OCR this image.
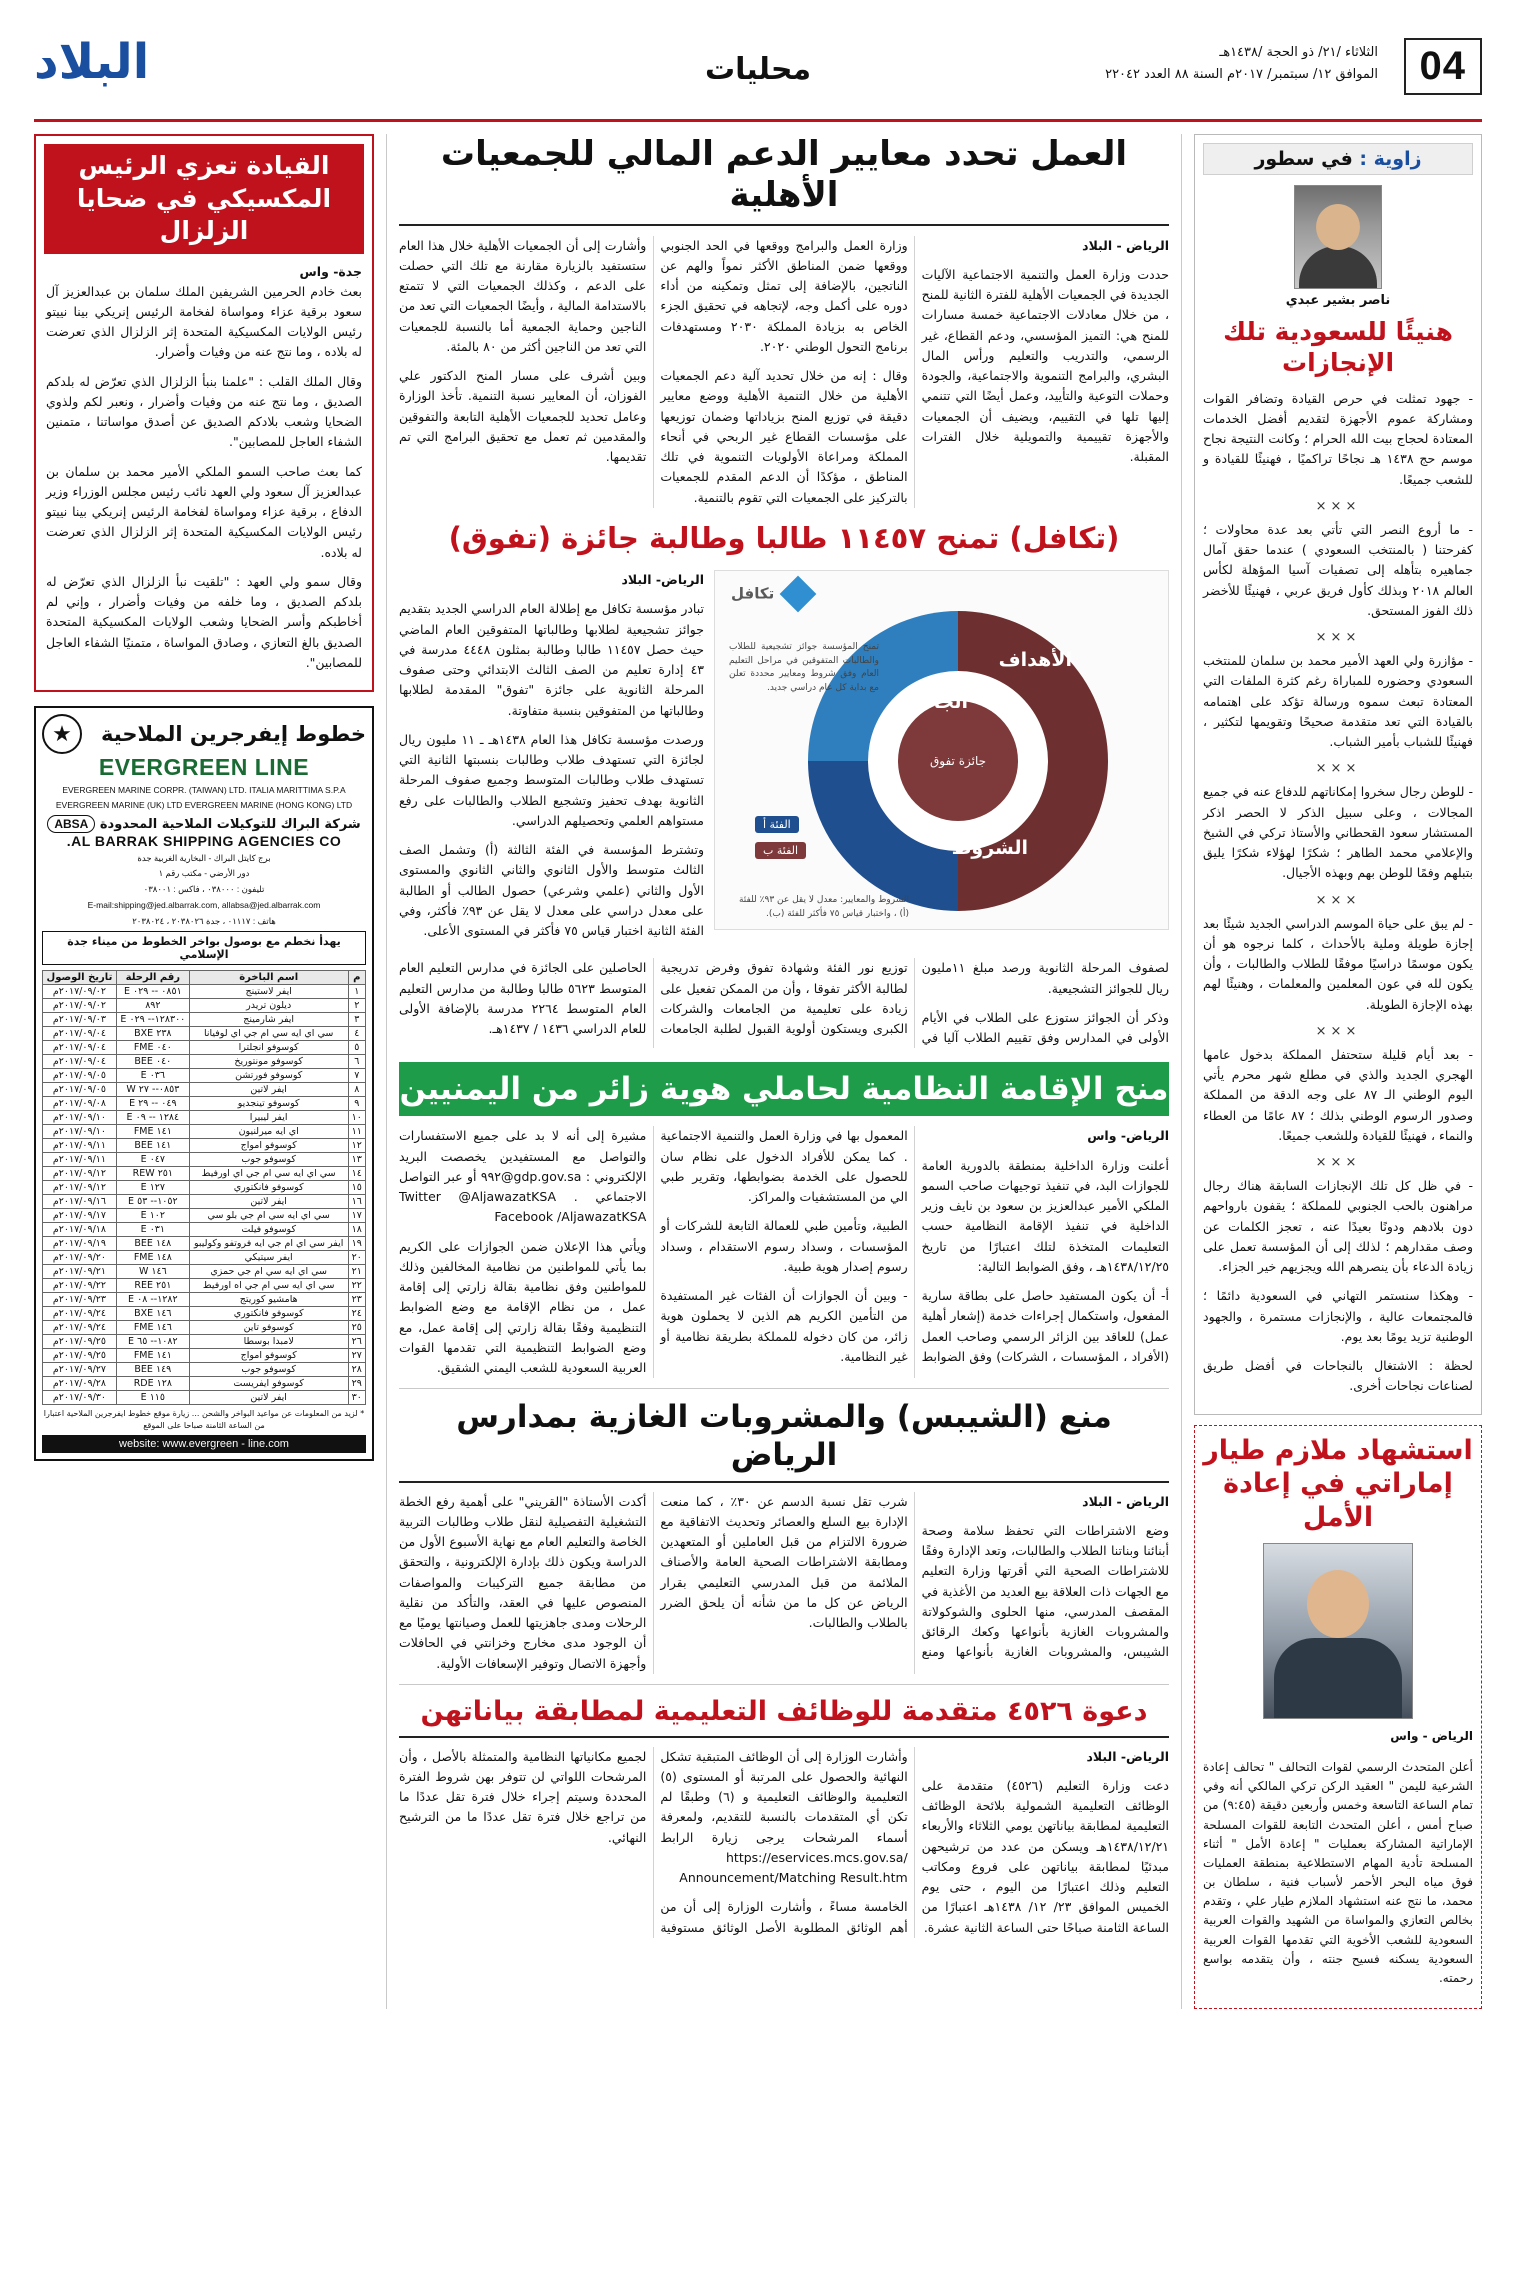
04
الثلاثاء /٢١/ ذو الحجة /١٤٣٨هـ
الموافق ١٢/ سبتمبر/ ٢٠١٧م السنة ٨٨ العدد ٢٢٠٤٢
محليات
البلاد
زاوية : في سطور
ناصر بشير عبدي
هنيئًا للسعودية تلك الإنجازات

- جهود تمثلت في حرص القيادة وتضافر القوات ومشاركة عموم الأجهزة لتقديم أفضل الخدمات المعتادة لحجاج بيت الله الحرام ؛ وكانت النتيجة نجاح موسم حج ١٤٣٨ هـ نجاحًا تراكميًا ، فهنيئًا للقيادة و للشعب جميعًا.

×××

- ما أروع النصر التي تأتي بعد عدة محاولات ؛ كفرحتنا ( بالمنتخب السعودي ) عندما حقق آمال جماهيره بتأهله إلى تصفيات آسيا المؤهلة لكأس العالم ٢٠١٨ وبذلك كأول فريق عربي ، فهنيئًا للأخضر ذلك الفوز المستحق.

×××

- مؤازرة ولي العهد الأمير محمد بن سلمان للمنتخب السعودي وحضوره للمباراة رغم كثرة الملفات التي المعتادة تبعث سموه ورسالة تؤكد على اهتمامه بالقيادة التي تعد متقدمة صحيحًا وتقويمها لتكثير ، فهنيئًا للشباب بأمير الشباب.

×××

- للوطن رجال سخروا إمكاناتهم للدفاع عنه في جميع المجالات ، وعلى سبيل الذكر لا الحصر اذكر المستشار سعود القحطاني والأستاذ تركي في الشيخ والإعلامي محمد الطاهر ؛ شكرًا لهؤلاء شكرًا يليق بتبلهم وفمًا للوطن بهم وبهذه الأجيال.

×××

- لم يبق على حياة الموسم الدراسي الجديد شيئًا بعد إجازة طويلة وملية بالأحداث ، كلما نرجوه هو أن يكون موسمًا دراسيًا موفقًا للطلاب والطالبات ، وأن يكون لله في عون المعلمين والمعلمات ، وهنيئًا لهم بهذه الإجازة الطويلة.

×××

- بعد أيام قليلة ستحتفل المملكة بدخول عامها الهجري الجديد والذي في مطلع شهر محرم يأتي اليوم الوطني الـ ٨٧ على وجه الدقة من المملكة وصدور الرسوم الوطني بذلك ؛ ٨٧ عامًا من العطاء والنماء ، فهنيئًا للقيادة وللشعب جميعًا.

×××

- في ظل كل تلك الإنجازات السابقة هناك رجال مراهنون بالحب الجنوبي للمملكة ؛ يقفون بارواحهم دون بلادهم ودونًا بعيدًا عنه ، تعجز الكلمات عن وصف مقدارهم ؛ لذلك إلى أن المؤسسة تعمل على زيادة الدعاء بأن ينصرهم الله ويجزيهم خير الجزاء.

- وهكذا سنستمر التهاني في السعودية دائمًا ؛ فالمجتمعات عالية ، والإنجازات مستمرة ، والجهود الوطنية تزيد يومًا بعد يوم.

لحظة : الاشتغال بالنجاحات في أفضل طريق لصناعات نجاحات أخرى.

استشهاد ملازم طيار
إماراتي في إعادة الأمل
الرياض - واس

أعلن المتحدث الرسمي لقوات التحالف " تحالف إعادة الشرعية لليمن " العقيد الركن تركي المالكي أنه وفي تمام الساعة التاسعة وخمس وأربعين دقيقة (٩:٤٥) من صباح أمس ، أعلن المتحدث التابعة للقوات المسلحة الإماراتية المشاركة بعمليات " إعادة الأمل " أثناء المسلحة تأدية المهام الاستطلاعية بمنطقة العمليات فوق مياه البحر الأحمر لأسباب فنية ، سلطان بن محمد، ما نتج عنه استشهاد الملازم طيار علي ، وتقدم بخالص التعازي والمواساة من الشهيد والقوات العربية السعودية للشعب الأخوية التي تقدمها القوات العربية السعودية يسكنه فسيح جنته ، وأن يتقدمه بواسع رحمته.

العمل تحدد معايير الدعم المالي للجمعيات الأهلية

الرياض - البلاد

حددت وزارة العمل والتنمية الاجتماعية الآليات الجديدة في الجمعيات الأهلية للفترة الثانية للمنح ، من خلال معادلات الاجتماعية خمسة مسارات للمنح هي: التميز المؤسسي، ودعم القطاع، غير الرسمي، والتدريب والتعليم ورأس المال البشري، والبرامج التنموية والاجتماعية، والجودة وحملات التوعية والتأييد، وعمل أيضًا التي تتنمي إليها تلها في التقييم، ويضيف أن الجمعيات والأجهزة تقييمية والتمويلية خلال الفترات المقبلة.

وزارة العمل والبرامج ووقعها في الحد الجنوبي ووقعها ضمن المناطق الأكثر نمواً والهم عن الناتجين، بالإضافة إلى تمثل وتمكينه من أداء دوره على أكمل وجه، لإتجاهه في تحقيق الجزء الخاص به بزيادة المملكة ٢٠٣٠ ومستهدفات برنامج التحول الوطني ٢٠٢٠.

وقال : إنه من خلال تحديد آلية دعم الجمعيات الأهلية من خلال التنمية الأهلية ووضع معايير دقيقة في توزيع المنح بزياداتها وضمان توزيعها على مؤسسات القطاع غير الربحي في أنحاء المملكة ومراعاة الأولويات التنموية في تلك المناطق ، مؤكدًا أن الدعم المقدم للجمعيات بالتركيز على الجمعيات التي تقوم بالتنمية.

وأشارت إلى أن الجمعيات الأهلية خلال هذا العام ستستفيد بالزيارة مقارنة مع تلك التي حصلت على الدعم ، وكذلك الجمعيات التي لا تتمتع بالاستدامة المالية ، وأيضًا الجمعيات التي تعد من الناجين وحماية الجمعية أما بالنسبة للجمعيات التي تعد من الناجين أكثر من ٨٠ بالمئة.

وبين أشرف على مسار المنح الدكتور علي الفوزان، أن المعايير نسبة التنمية. تأخذ الوزارة وعامل تحديد للجمعيات الأهلية التابعة والتفوقين والمقدمين ثم تعمل مع تحقيق البرامج التي تم تقديمها.

(تكافل) تمنح ١١٤٥٧ طالبا وطالبة جائزة (تفوق)
تكافل
جائزة تفوق
الأهداف
الجائزة
الشروط
الفئة أ
الفئة ب
تمنح المؤسسة جوائز تشجيعية للطلاب والطالبات المتفوقين في مراحل التعليم العام وفق شروط ومعايير محددة تعلن مع بداية كل عام دراسي جديد.
الشروط والمعايير: معدل لا يقل عن ٩٣٪ للفئة (أ) ، واختبار قياس ٧٥ فأكثر للفئة (ب).

الرياض- البلاد

تبادر مؤسسة تكافل مع إطلالة العام الدراسي الجديد بتقديم جوائز تشجيعية لطلابها وطالباتها المتفوقين العام الماضي حيث حصل ١١٤٥٧ طالبا وطالبة بمثلون ٤٤٤٨ مدرسة في ٤٣ إدارة تعليم من الصف الثالث الابتدائي وحتى صفوف المرحلة الثانوية على جائزة "تفوق" المقدمة لطلابها وطالباتها من المتفوقين بنسبة متفاوتة.

ورصدت مؤسسة تكافل هذا العام ١٤٣٨هـ ـ ١١ مليون ريال لجائزة التي تستهدف طلاب وطالبات بنسبتها الثانية التي تستهدف طلاب وطالبات المتوسط وجميع صفوف المرحلة الثانوية بهدف تحفيز وتشجيع الطلاب والطالبات على رفع مستواهم العلمي وتحصيلهم الدراسي.

وتشترط المؤسسة في الفئة الثالثة (أ) وتشمل الصف الثالث متوسط والأول الثانوي والثاني الثانوي والمستوى الأول والثاني (علمي وشرعي) حصول الطالب أو الطالبة على معدل دراسي على معدل لا يقل عن ٩٣٪ فأكثر، وفي الفئة الثانية اختبار قياس ٧٥ فأكثر في المستوى الأعلى.

لصفوف المرحلة الثانوية ورصد مبلغ ١١مليون ريال للجوائز التشجيعية.

وذكر أن الجوائز ستوزع على الطلاب في الأيام الأولى في المدارس وفق تقييم الطلاب آليا في توزيع نور الفئة وشهادة تفوق وفرض تدريجية لطالبة الأكثر تفوقا ، وأن من الممكن تفعيل على زيادة على تعليمية من الجامعات والشركات الكبرى ويستكون أولوية القبول لطلبة الجامعات الحاصلين على الجائزة في مدارس التعليم العام المتوسط ٥٦٢٣ طالبا وطالبة من مدارس التعليم العام المتوسط ٢٢٦٤ مدرسة بالإضافة الأولى للعام الدراسي ١٤٣٦ / ١٤٣٧هـ.

منح الإقامة النظامية لحاملي هوية زائر من اليمنيين

الرياض- واس

أعلنت وزارة الداخلية بمنطقة بالدورية العامة للجوازات البد، في تنفيذ توجيهات صاحب السمو الملكي الأمير عبدالعزيز بن سعود بن نايف وزير الداخلية في تنفيذ الإقامة النظامية حسب التعليمات المتخذة لتلك اعتبارًا من تاريخ ١٤٣٨/١٢/٢٥هـ ، وفق الضوابط التالية:

أ- أن يكون المستفيد حاصل على بطاقة سارية المفعول، واستكمال إجراءات خدمة (إشعار أهلية عمل) للعاقد بين الزائر الرسمي وصاحب العمل (الأفراد ، المؤسسات ، الشركات) وفق الضوابط المعمول بها في وزارة العمل والتنمية الاجتماعية . كما يمكن للأفراد الدخول على نظام سان للحصول على الخدمة بضوابطها، وتقرير طبي الي من المستشفيات والمراكز.

الطبية، وتأمين طبي للعمالة التابعة للشركات أو المؤسسات ، وسداد رسوم الاستقدام ، وسداد رسوم إصدار هوية طبية.

- وبين أن الجوازات أن الفئات غير المستفيدة من التأمين الكريم هم الذين لا يحملون هوية زائر، من كان دخوله للمملكة بطريقة نظامية أو غير النظامية.

مشيرة إلى أنه لا بد على جميع الاستفسارات والتواصل مع المستفيدين يخصصت البريد الإلكتروني : gdp.gov.sa@٩٩٢ أو عبر التواصل الاجتماعي Twitter @AljawazatKSA . Facebook /AljawazatKSA

ويأتي هذا الإعلان ضمن الجوازات على الكريم بما يأتي للمواطنين من نظامية المخالفين وذلك للمواطنين وفق نظامية بقالة زارتي إلى إقامة عمل ، من نظام الإقامة مع وضع الضوابط التنظيمية وفقًا بقالة زارتي إلى إقامة عمل، مع وضع الضوابط التنظيمية التي تقدمها القوات العربية السعودية للشعب اليمني الشقيق.

منع (الشيبس) والمشروبات الغازية بمدارس الرياض

الرياض - البلاد

وضع الاشتراطات التي تحفظ سلامة وصحة أبنائنا وبناتنا الطلاب والطالبات، وتعد الإدارة وفقًا للاشتراطات الصحية التي أقرتها وزارة التعليم مع الجهات ذات العلاقة بيع العديد من الأغذية في المقصف المدرسي، منها الحلوى والشوكولاتة والمشروبات الغازية بأنواعها وكعك الرقائق الشيبس، والمشروبات الغازية بأنواعها ومنع شرب تقل نسبة الدسم عن ٣٠٪ ، كما منعت الإدارة بيع السلع والعصائر وتحديث الاتفاقية مع ضرورة الالتزام من قبل العاملين أو المتعهدين ومطابقة الاشتراطات الصحية العامة والأصناف الملائمة من قبل المدرسي التعليمي بقرار الرياض عن كل ما من شأنه أن يلحق الضرر بالطلاب والطالبات.

أكدت الأستاذة "القريني" على أهمية رفع الخطة التشغيلية التفصيلية لنقل طلاب وطالبات التربية الخاصة والتعليم العام مع نهاية الأسبوع الأول من الدراسة ويكون ذلك بإدارة الإلكترونية ، والتحقق من مطابقة جميع التركيبات والمواصفات المنصوص عليها في العقد، والتأكد من نقلية الرحلات ومدى جاهزيتها للعمل وصيانتها يوميًا مع أن الوجود مدى مخارج وخزانتي في الحافلات وأجهزة الاتصال وتوفير الإسعافات الأولية.

دعوة ٤٥٢٦ متقدمة للوظائف التعليمية لمطابقة بياناتهن

الرياض- البلاد

دعت وزارة التعليم (٤٥٢٦) متقدمة على الوظائف التعليمية الشمولية بلائحة الوظائف التعليمية لمطابقة بياناتهن يومي الثلاثاء والأربعاء ١٤٣٨/١٢/٢١هـ ويسكن من عدد من ترشيحهن مبدئيًا لمطابقة بياناتهن على فروع ومكاتب التعليم وذلك اعتبارًا من اليوم ، حتى يوم الخميس الموافق ٢٣/ ١٢/ ١٤٣٨هـ اعتبارًا من الساعة الثامنة صباحًا حتى الساعة الثانية عشرة.

وأشارت الوزارة إلى أن الوظائف المتبقية تشكل النهائية والحصول على المرتبة أو المستوى (٥) التعليمية والوظائف التعليمية و (٦) وطبقًا لم تكن أي المتقدمات بالنسبة للتقديم، ولمعرفة أسماء المرشحات يرجى زيارة الرابط https://eservices.mcs.gov.sa/ Announcement/Matching Result.htm

الخامسة مساءً ، وأشارت الوزارة إلى أن من أهم الوثائق المطلوبة الأصل الوثائق مستوفية لجميع مكانياتها النظامية والمتمثلة بالأصل ، وأن المرشحات اللواتي لن تتوفر بهن شروط الفترة المحددة وسيتم إجراء خلال فترة تقل عددًا ما من تراجع خلال فترة تقل عددًا ما من الترشيح النهائي.

القيادة تعزي الرئيس المكسيكي في ضحايا الزلزال
جدة- واس

بعث خادم الحرمين الشريفين الملك سلمان بن عبدالعزيز آل سعود برقية عزاء ومواساة لفخامة الرئيس إنريكي بينا نييتو رئيس الولايات المكسيكية المتحدة إثر الزلزال الذي تعرضت له بلاده ، وما نتج عنه من وفيات وأضرار.

وقال الملك القلب : "علمنا بنبأ الزلزال الذي تعرّض له بلدكم الصديق ، وما نتج عنه من وفيات وأضرار ، ونعبر لكم ولذوي الضحايا وشعب بلادكم الصديق عن أصدق مواساتنا ، متمنين الشفاء العاجل للمصابين".

كما بعث صاحب السمو الملكي الأمير محمد بن سلمان بن عبدالعزيز آل سعود ولي العهد نائب رئيس مجلس الوزراء وزير الدفاع ، برقية عزاء ومواساة لفخامة الرئيس إنريكي بينا نييتو رئيس الولايات المكسيكية المتحدة إثر الزلزال الذي تعرضت له بلاده.

وقال سمو ولي العهد : "تلقيت نبأ الزلزال الذي تعرّض له بلدكم الصديق ، وما خلفه من وفيات وأضرار ، وإني لم أخاطبكم وأسر الضحايا وشعب الولايات المكسيكية المتحدة الصديق بالغ التعازي ، وصادق المواساة ، متمنيًا الشفاء العاجل للمصابين".

خطوط إيفرجرين الملاحية
★
EVERGREEN LINE
EVERGREEN MARINE CORPR. (TAIWAN) LTD. ITALIA MARITTIMA S.P.A
EVERGREEN MARINE (UK) LTD EVERGREEN MARINE (HONG KONG) LTD
شركة البراك للتوكيلات الملاحية المحدودة ABSA
AL BARRAK SHIPPING AGENCIES CO.
برج كايتل البراك - البخارية الغربية جدة
دور الأرضي - مكتب رقم ١
تليفون : ٠٣٨٠٠٠ ، فاكس : ٠٣٨٠٠١
E-mail:shipping@jed.albarrak.com, allabsa@jed.albarrak.com
هاتف : ٠١١١٧ ، جدة ٢٠٣٨٠٢٦ ، ٢٠٣٨٠٢٤
يهدأ نخطم مع بوصول بواخر الخطوط من ميناء جدة الإسلامي
م	اسم الباخرة	رقم الرحلة	تاريخ الوصول
١	ايفر لاستينج	٠٨٥١ -- ٠٢٩ E	٢٠١٧/٠٩/٠٢م
٢	ديلون تريدر	٨٩٢	٢٠١٧/٠٩/٠٢م
٣	ايفر شارمينج	١٢٨٣٠٠-- ٠٢٩ E	٢٠١٧/٠٩/٠٣م
٤	سي اي ايه سي ام جي اي لوفيانا	٢٣٨ BXE	٢٠١٧/٠٩/٠٤م
٥	كوسوفو انجلترا	٠٤٠ FME	٢٠١٧/٠٩/٠٤م
٦	كوسوفو مونتوريخ	٠٤٠ BEE	٢٠١٧/٠٩/٠٤م
٧	كوسوفو فورتشن	٠٣٦ E	٢٠١٧/٠٩/٠٥م
٨	ايفر لاتين	٠٨٥٣-- ٢٧ W	٢٠١٧/٠٩/٠٥م
٩	كوسوفو تينجديو	٠٤٩ -- ٢٩ E	٢٠١٧/٠٩/٠٨م
١٠	ايفر ليبيرا	١٢٨٤ -- ٠٩ E	٢٠١٧/٠٩/١٠م
١١	اي ايه ميرلنيون	١٤١ FME	٢٠١٧/٠٩/١٠م
١٢	كوسوفو امواج	١٤١ BEE	٢٠١٧/٠٩/١١م
١٣	كوسوفو جوب	٠٤٧ E	٢٠١٧/٠٩/١١م
١٤	سي اي ايه سي ام جي اي اورفيط	٢٥١ REW	٢٠١٧/٠٩/١٢م
١٥	كوسوفو فانكتوري	١٢٧ E	٢٠١٧/٠٩/١٢م
١٦	ايفر لاتين	١٠٥٢-- ٥٣ E	٢٠١٧/٠٩/١٦م
١٧	سي اي ايه سي ام جي بلو سي	١٠٢ E	٢٠١٧/٠٩/١٧م
١٨	كوسوفو فيلت	٠٣١ E	٢٠١٧/٠٩/١٨م
١٩	ايفر سي اي ام جي ايه فروتفو وكوليبو	١٤٨ BEE	٢٠١٧/٠٩/١٩م
٢٠	ايفر سيتيكي	١٤٨ FME	٢٠١٧/٠٩/٢٠م
٢١	سي اي ايه سي ام جي حمزي	١٤٦ W	٢٠١٧/٠٩/٢١م
٢٢	سي اي ايه سي ام جي اه اورفيط	٢٥١ REE	٢٠١٧/٠٩/٢٢م
٢٣	هامشيو كوريتج	١٢٨٢-- ٠٨ E	٢٠١٧/٠٩/٢٣م
٢٤	كوسوفو فانكتوري	١٤٦ BXE	٢٠١٧/٠٩/٢٤م
٢٥	كوسوفو تاين	١٤٦ FME	٢٠١٧/٠٩/٢٤م
٢٦	لامبدا بوسطا	١٠٨٢-- ٦٥ E	٢٠١٧/٠٩/٢٥م
٢٧	كوسوفو امواج	١٤١ FME	٢٠١٧/٠٩/٢٥م
٢٨	كوسوفو جوب	١٤٩ BEE	٢٠١٧/٠٩/٢٧م
٢٩	كوسوفو ايفريست	١٢٨ RDE	٢٠١٧/٠٩/٢٨م
٣٠	ايفر لاتين	١١٥ E	٢٠١٧/٠٩/٣٠م
* لزيد من المعلومات عن مواعيد البواخر والشحن ... زيارة موقع خطوط ايفرجرين الملاحية اعتبارا من الساعة الثامنة صباحا على الموقع
website: www.evergreen - line.com
